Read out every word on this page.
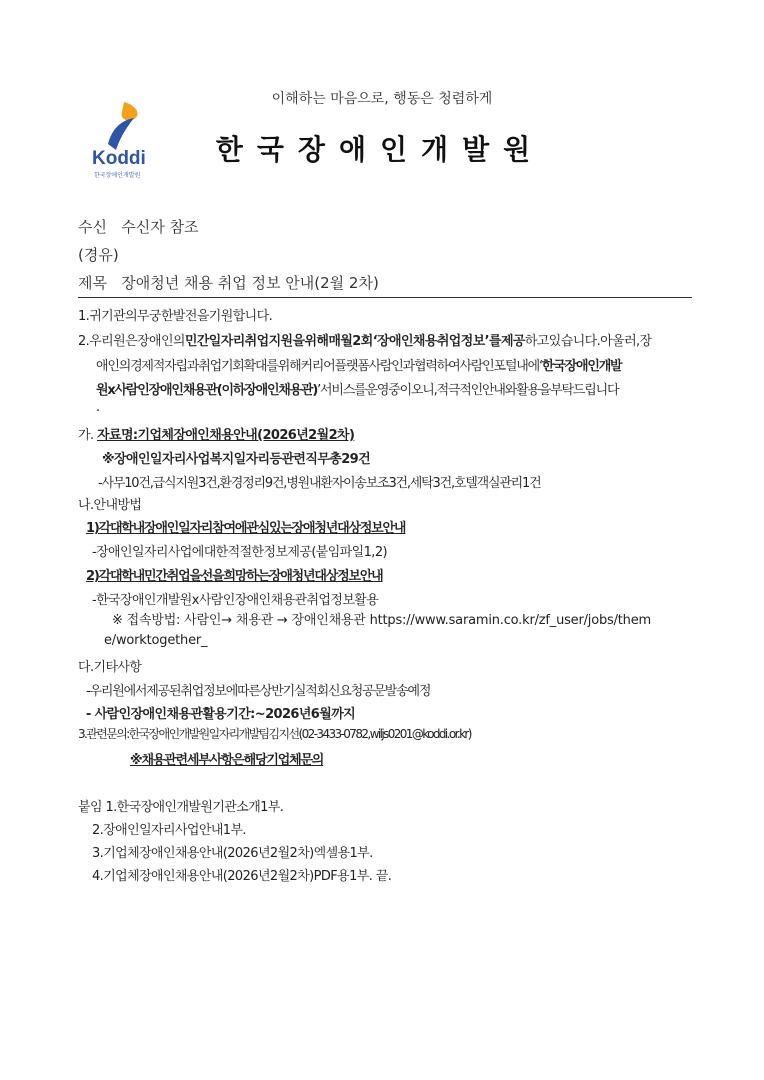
이해하는 마음으로, 행동은 청렴하게
Koddi
한국장애인개발원
한국장애인개발원
수신 수신자 참조
(경유)
제목 장애청년 채용 취업 정보 안내(2월 2차)
1.귀기관의무궁한발전을기원합니다.
2.우리원은장애인의민간일자리취업지원을위해매월2회‘장애인채용취업정보’를제공하고있습니다.아울러,장
애인의경제적자립과취업기회확대를위해커리어플랫폼사람인과협력하여사람인포털내에‘한국장애인개발
원x사람인장애인채용관(이하장애인채용관)’서비스를운영중이오니,적극적인안내와활용을부탁드립니다
.
가. 자료명:기업체장애인채용안내(2026년2월2차)
※장애인일자리사업복지일자리등관련직무총29건
-사무10건,급식지원3건,환경정리9건,병원내환자이송보조3건,세탁3건,호텔객실관리1건
나.안내방법
1)각대학내장애인일자리참여에관심있는장애청년대상정보안내
-장애인일자리사업에대한적절한정보제공(붙임파일1,2)
2)각대학내민간취업을선을희망하는장애청년대상정보안내
-한국장애인개발원x사람인장애인채용관취업정보활용
※ 접속방법: 사람인→ 채용관 → 장애인채용관 https://www.saramin.co.kr/zf_user/jobs/them
e/worktogether_
다.기타사항
-우리원에서제공된취업정보에따른상반기실적회신요청공문발송예정
- 사람인장애인채용관활용기간:~2026년6월까지
3.관련문의:한국장애인개발원일자리개발팀김지선(02-3433-0782,wiljs0201@koddi.or.kr)
※채용관련세부사항은해당기업체문의
붙임 1.한국장애인개발원기관소개1부.
2.장애인일자리사업안내1부.
3.기업체장애인채용안내(2026년2월2차)엑셀용1부.
4.기업체장애인채용안내(2026년2월2차)PDF용1부. 끝.
